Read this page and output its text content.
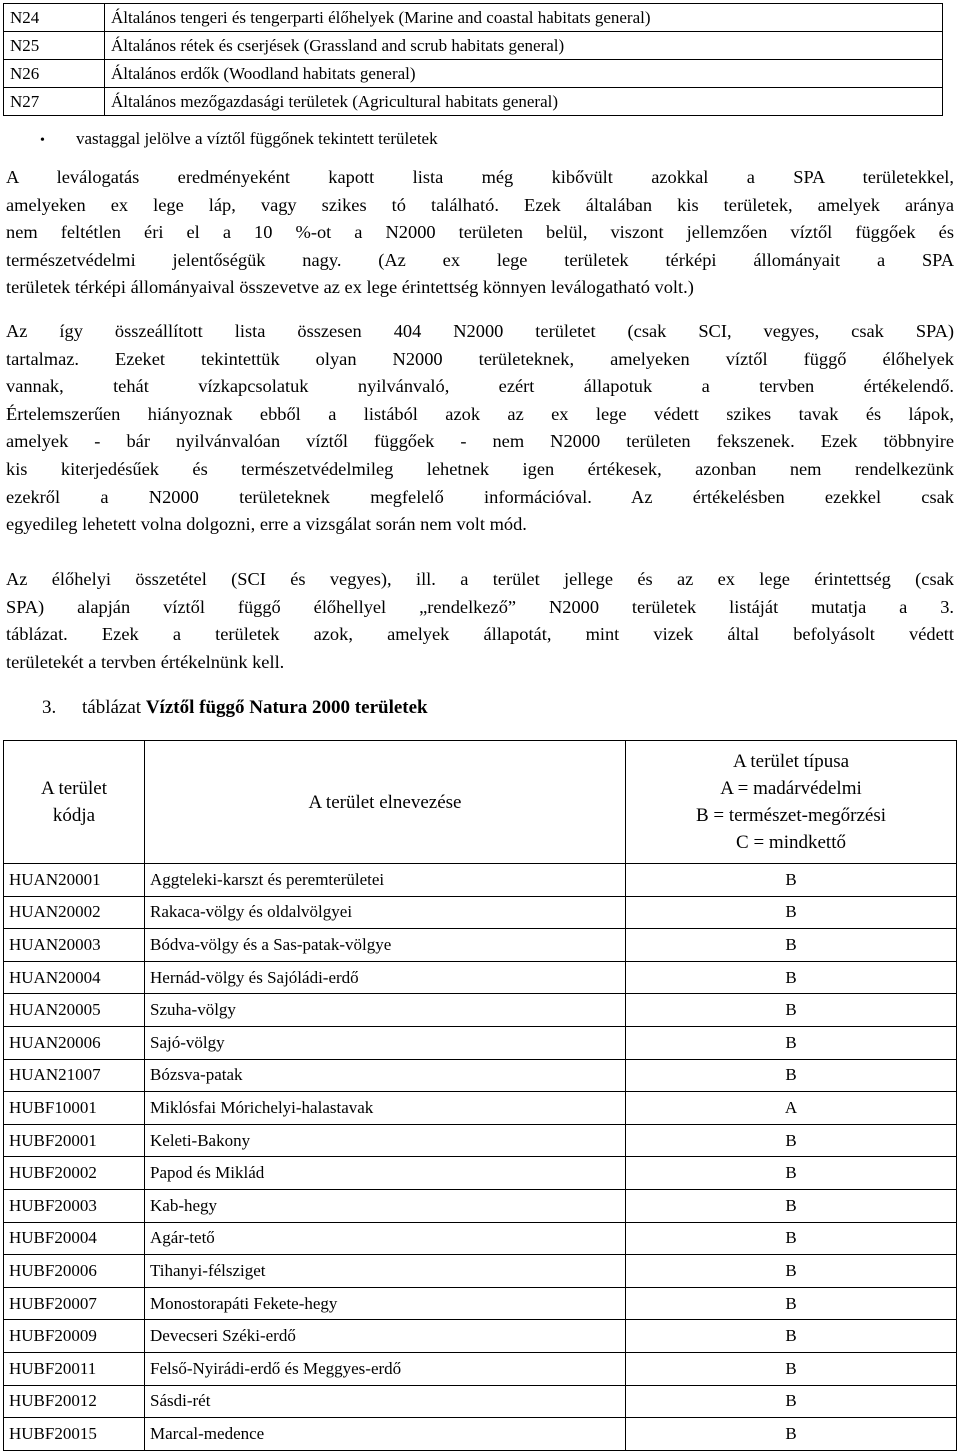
N24	Általános tengeri és tengerparti élőhelyek (Marine and coastal habitats general)
N25	Általános rétek és cserjések (Grassland and scrub habitats general)
N26	Általános erdők (Woodland habitats general)
N27	Általános mezőgazdasági területek (Agricultural habitats general)
• vastaggal jelölve a víztől függőnek tekintett területek
A leválogatás eredményeként kapott lista még kibővült azokkal a SPA területekkel,
amelyeken ex lege láp, vagy szikes tó található. Ezek általában kis területek, amelyek aránya
nem feltétlen éri el a 10 %-ot a N2000 területen belül, viszont jellemzően víztől függőek és
természetvédelmi jelentőségük nagy. (Az ex lege területek térképi állományait a SPA
területek térképi állományaival összevetve az ex lege érintettség könnyen leválogatható volt.)
Az így összeállított lista összesen 404 N2000 területet (csak SCI, vegyes, csak SPA)
tartalmaz. Ezeket tekintettük olyan N2000 területeknek, amelyeken víztől függő élőhelyek
vannak, tehát vízkapcsolatuk nyilvánvaló, ezért állapotuk a tervben értékelendő.
Értelemszerűen hiányoznak ebből a listából azok az ex lege védett szikes tavak és lápok,
amelyek - bár nyilvánvalóan víztől függőek - nem N2000 területen fekszenek. Ezek többnyire
kis kiterjedésűek és természetvédelmileg lehetnek igen értékesek, azonban nem rendelkezünk
ezekről a N2000 területeknek megfelelő információval. Az értékelésben ezekkel csak
egyedileg lehetett volna dolgozni, erre a vizsgálat során nem volt mód.
Az élőhelyi összetétel (SCI és vegyes), ill. a terület jellege és az ex lege érintettség (csak
SPA) alapján víztől függő élőhellyel „rendelkező” N2000 területek listáját mutatja a 3.
táblázat. Ezek a területek azok, amelyek állapotát, mint vizek által befolyásolt védett
területekét a tervben értékelnünk kell.
3. táblázat Víztől függő Natura 2000 területek
A terület
kódja	A terület elnevezése	A terület típusa
A = madárvédelmi
B = természet-megőrzési
C = mindkettő

HUAN20001	Aggteleki-karszt és peremterületei	B
HUAN20002	Rakaca-völgy és oldalvölgyei	B
HUAN20003	Bódva-völgy és a Sas-patak-völgye	B
HUAN20004	Hernád-völgy és Sajóládi-erdő	B
HUAN20005	Szuha-völgy	B
HUAN20006	Sajó-völgy	B
HUAN21007	Bózsva-patak	B
HUBF10001	Miklósfai Mórichelyi-halastavak	A
HUBF20001	Keleti-Bakony	B
HUBF20002	Papod és Miklád	B
HUBF20003	Kab-hegy	B
HUBF20004	Agár-tető	B
HUBF20006	Tihanyi-félsziget	B
HUBF20007	Monostorapáti Fekete-hegy	B
HUBF20009	Devecseri Széki-erdő	B
HUBF20011	Felső-Nyirádi-erdő és Meggyes-erdő	B
HUBF20012	Sásdi-rét	B
HUBF20015	Marcal-medence	B
